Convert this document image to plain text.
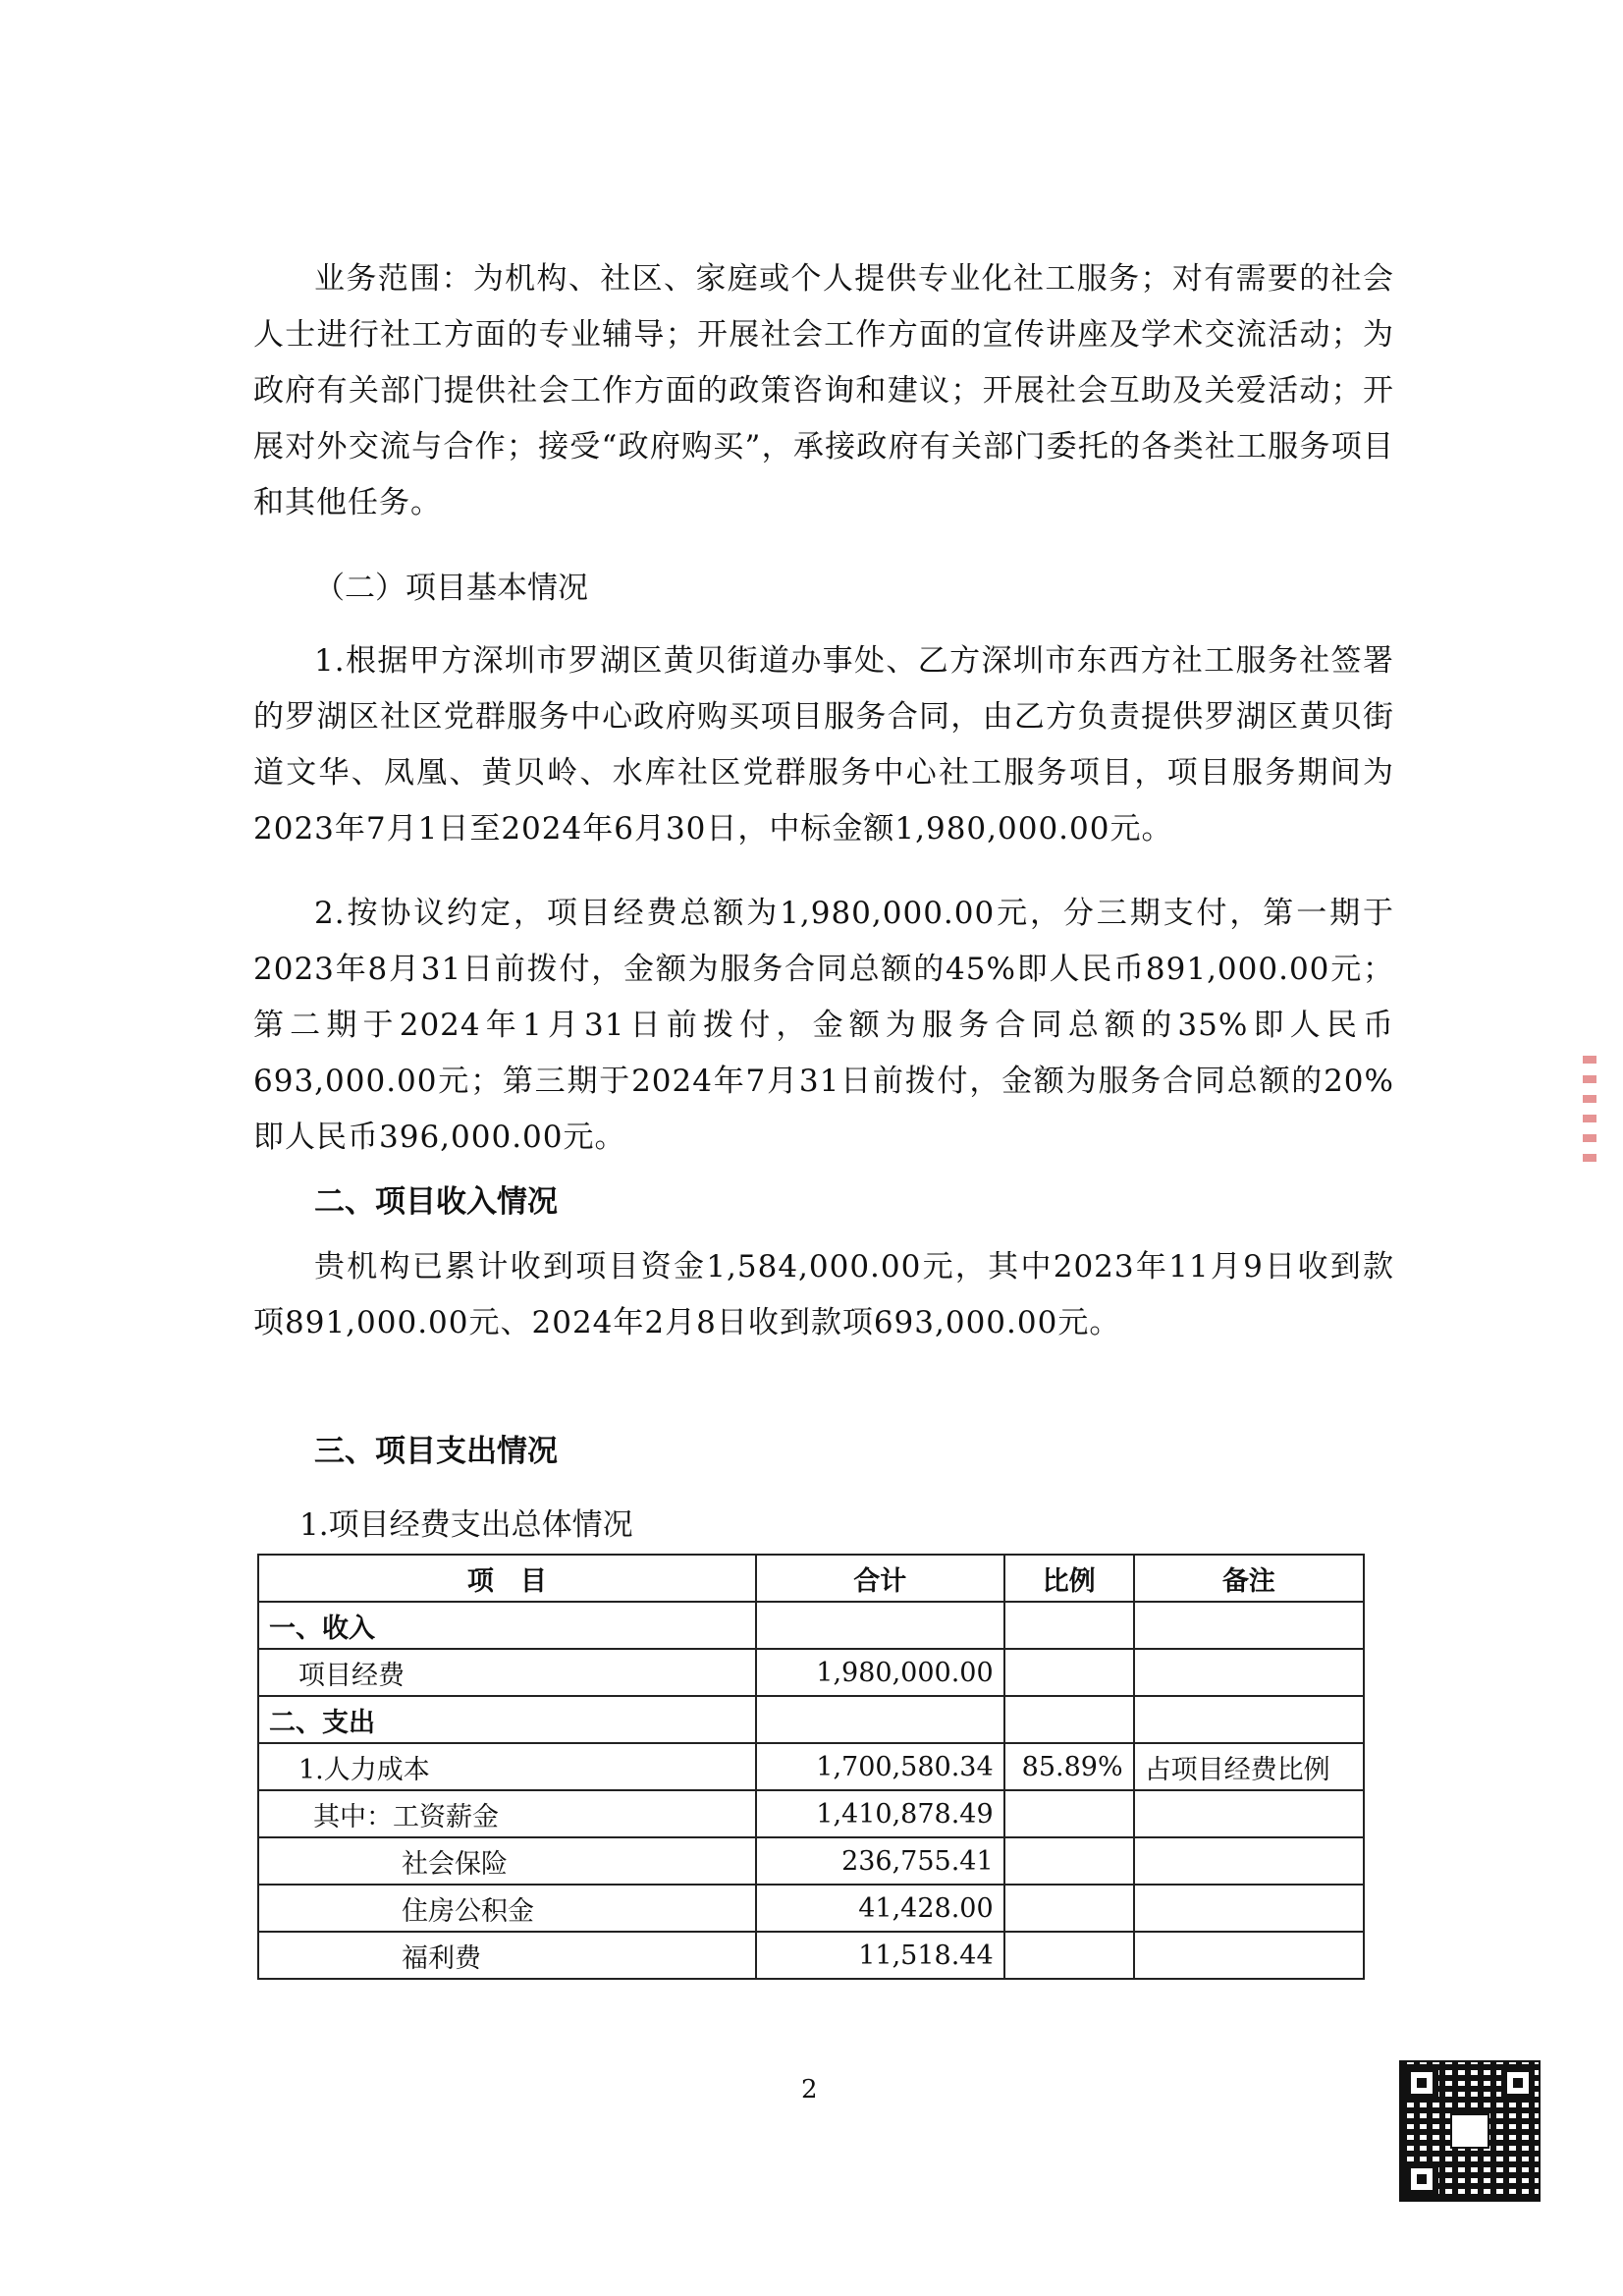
业务范围：为机构、社区、家庭或个人提供专业化社工服务；对有需要的社会人士进行社工方面的专业辅导；开展社会工作方面的宣传讲座及学术交流活动；为政府有关部门提供社会工作方面的政策咨询和建议；开展社会互助及关爱活动；开展对外交流与合作；接受“政府购买”，承接政府有关部门委托的各类社工服务项目和其他任务。

（二）项目基本情况

1.根据甲方深圳市罗湖区黄贝街道办事处、乙方深圳市东西方社工服务社签署的罗湖区社区党群服务中心政府购买项目服务合同，由乙方负责提供罗湖区黄贝街道文华、凤凰、黄贝岭、水库社区党群服务中心社工服务项目，项目服务期间为2023年7月1日至2024年6月30日，中标金额1,980,000.00元。

2.按协议约定，项目经费总额为1,980,000.00元，分三期支付，第一期于2023年8月31日前拨付，金额为服务合同总额的45%即人民币891,000.00元；第二期于2024年1月31日前拨付，金额为服务合同总额的35%即人民币693,000.00元；第三期于2024年7月31日前拨付，金额为服务合同总额的20%即人民币396,000.00元。

二、项目收入情况

贵机构已累计收到项目资金1,584,000.00元，其中2023年11月9日收到款项891,000.00元、2024年2月8日收到款项693,000.00元。

三、项目支出情况

1.项目经费支出总体情况

项　目	合计	比例	备注
一、收入			
项目经费	1,980,000.00		
二、支出			
1.人力成本	1,700,580.34	85.89%	占项目经费比例
其中：工资薪金	1,410,878.49		
社会保险	236,755.41		
住房公积金	41,428.00		
福利费	11,518.44		
2
